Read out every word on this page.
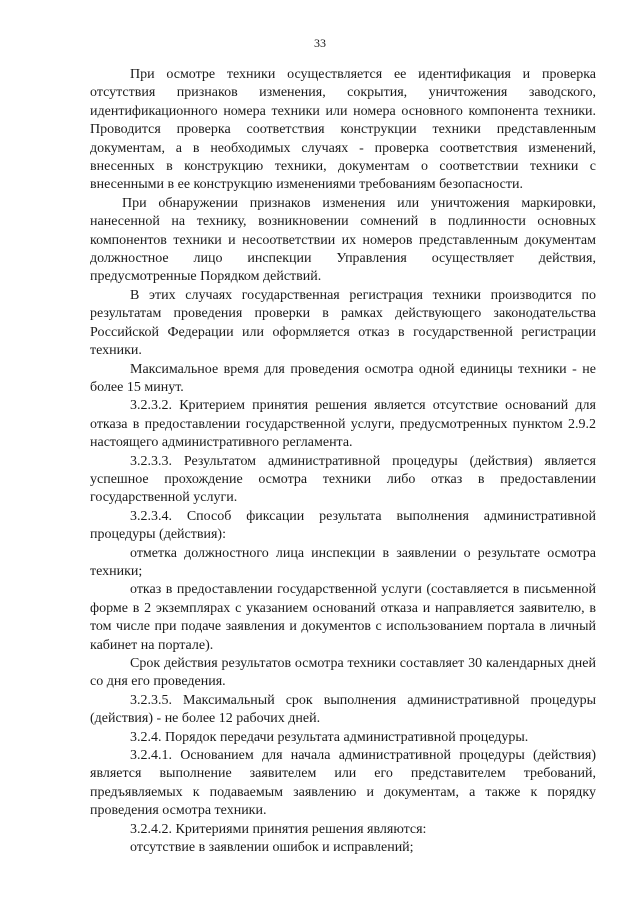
33

При осмотре техники осуществляется ее идентификация и проверка отсутствия признаков изменения, сокрытия, уничтожения заводского, идентификационного номера техники или номера основного компонента техники. Проводится проверка соответствия конструкции техники представленным документам, а в необходимых случаях - проверка соответствия изменений, внесенных в конструкцию техники, документам о соответствии техники с внесенными в ее конструкцию изменениями требованиям безопасности.

При обнаружении признаков изменения или уничтожения маркировки, нанесенной на технику, возникновении сомнений в подлинности основных компонентов техники и несоответствии их номеров представленным документам должностное лицо инспекции Управления осуществляет действия, предусмотренные Порядком действий.

В этих случаях государственная регистрация техники производится по результатам проведения проверки в рамках действующего законодательства Российской Федерации или оформляется отказ в государственной регистрации техники.

Максимальное время для проведения осмотра одной единицы техники - не более 15 минут.

3.2.3.2. Критерием принятия решения является отсутствие оснований для отказа в предоставлении государственной услуги, предусмотренных пунктом 2.9.2 настоящего административного регламента.

3.2.3.3. Результатом административной процедуры (действия) является успешное прохождение осмотра техники либо отказ в предоставлении государственной услуги.

3.2.3.4. Способ фиксации результата выполнения административной процедуры (действия):

отметка должностного лица инспекции в заявлении о результате осмотра техники;

отказ в предоставлении государственной услуги (составляется в письменной форме в 2 экземплярах с указанием оснований отказа и направляется заявителю, в том числе при подаче заявления и документов с использованием портала в личный кабинет на портале).

Срок действия результатов осмотра техники составляет 30 календарных дней со дня его проведения.

3.2.3.5. Максимальный срок выполнения административной процедуры (действия) - не более 12 рабочих дней.

3.2.4. Порядок передачи результата административной процедуры.

3.2.4.1. Основанием для начала административной процедуры (действия) является выполнение заявителем или его представителем требований, предъявляемых к подаваемым заявлению и документам, а также к порядку проведения осмотра техники.

3.2.4.2. Критериями принятия решения являются:

отсутствие в заявлении ошибок и исправлений;
